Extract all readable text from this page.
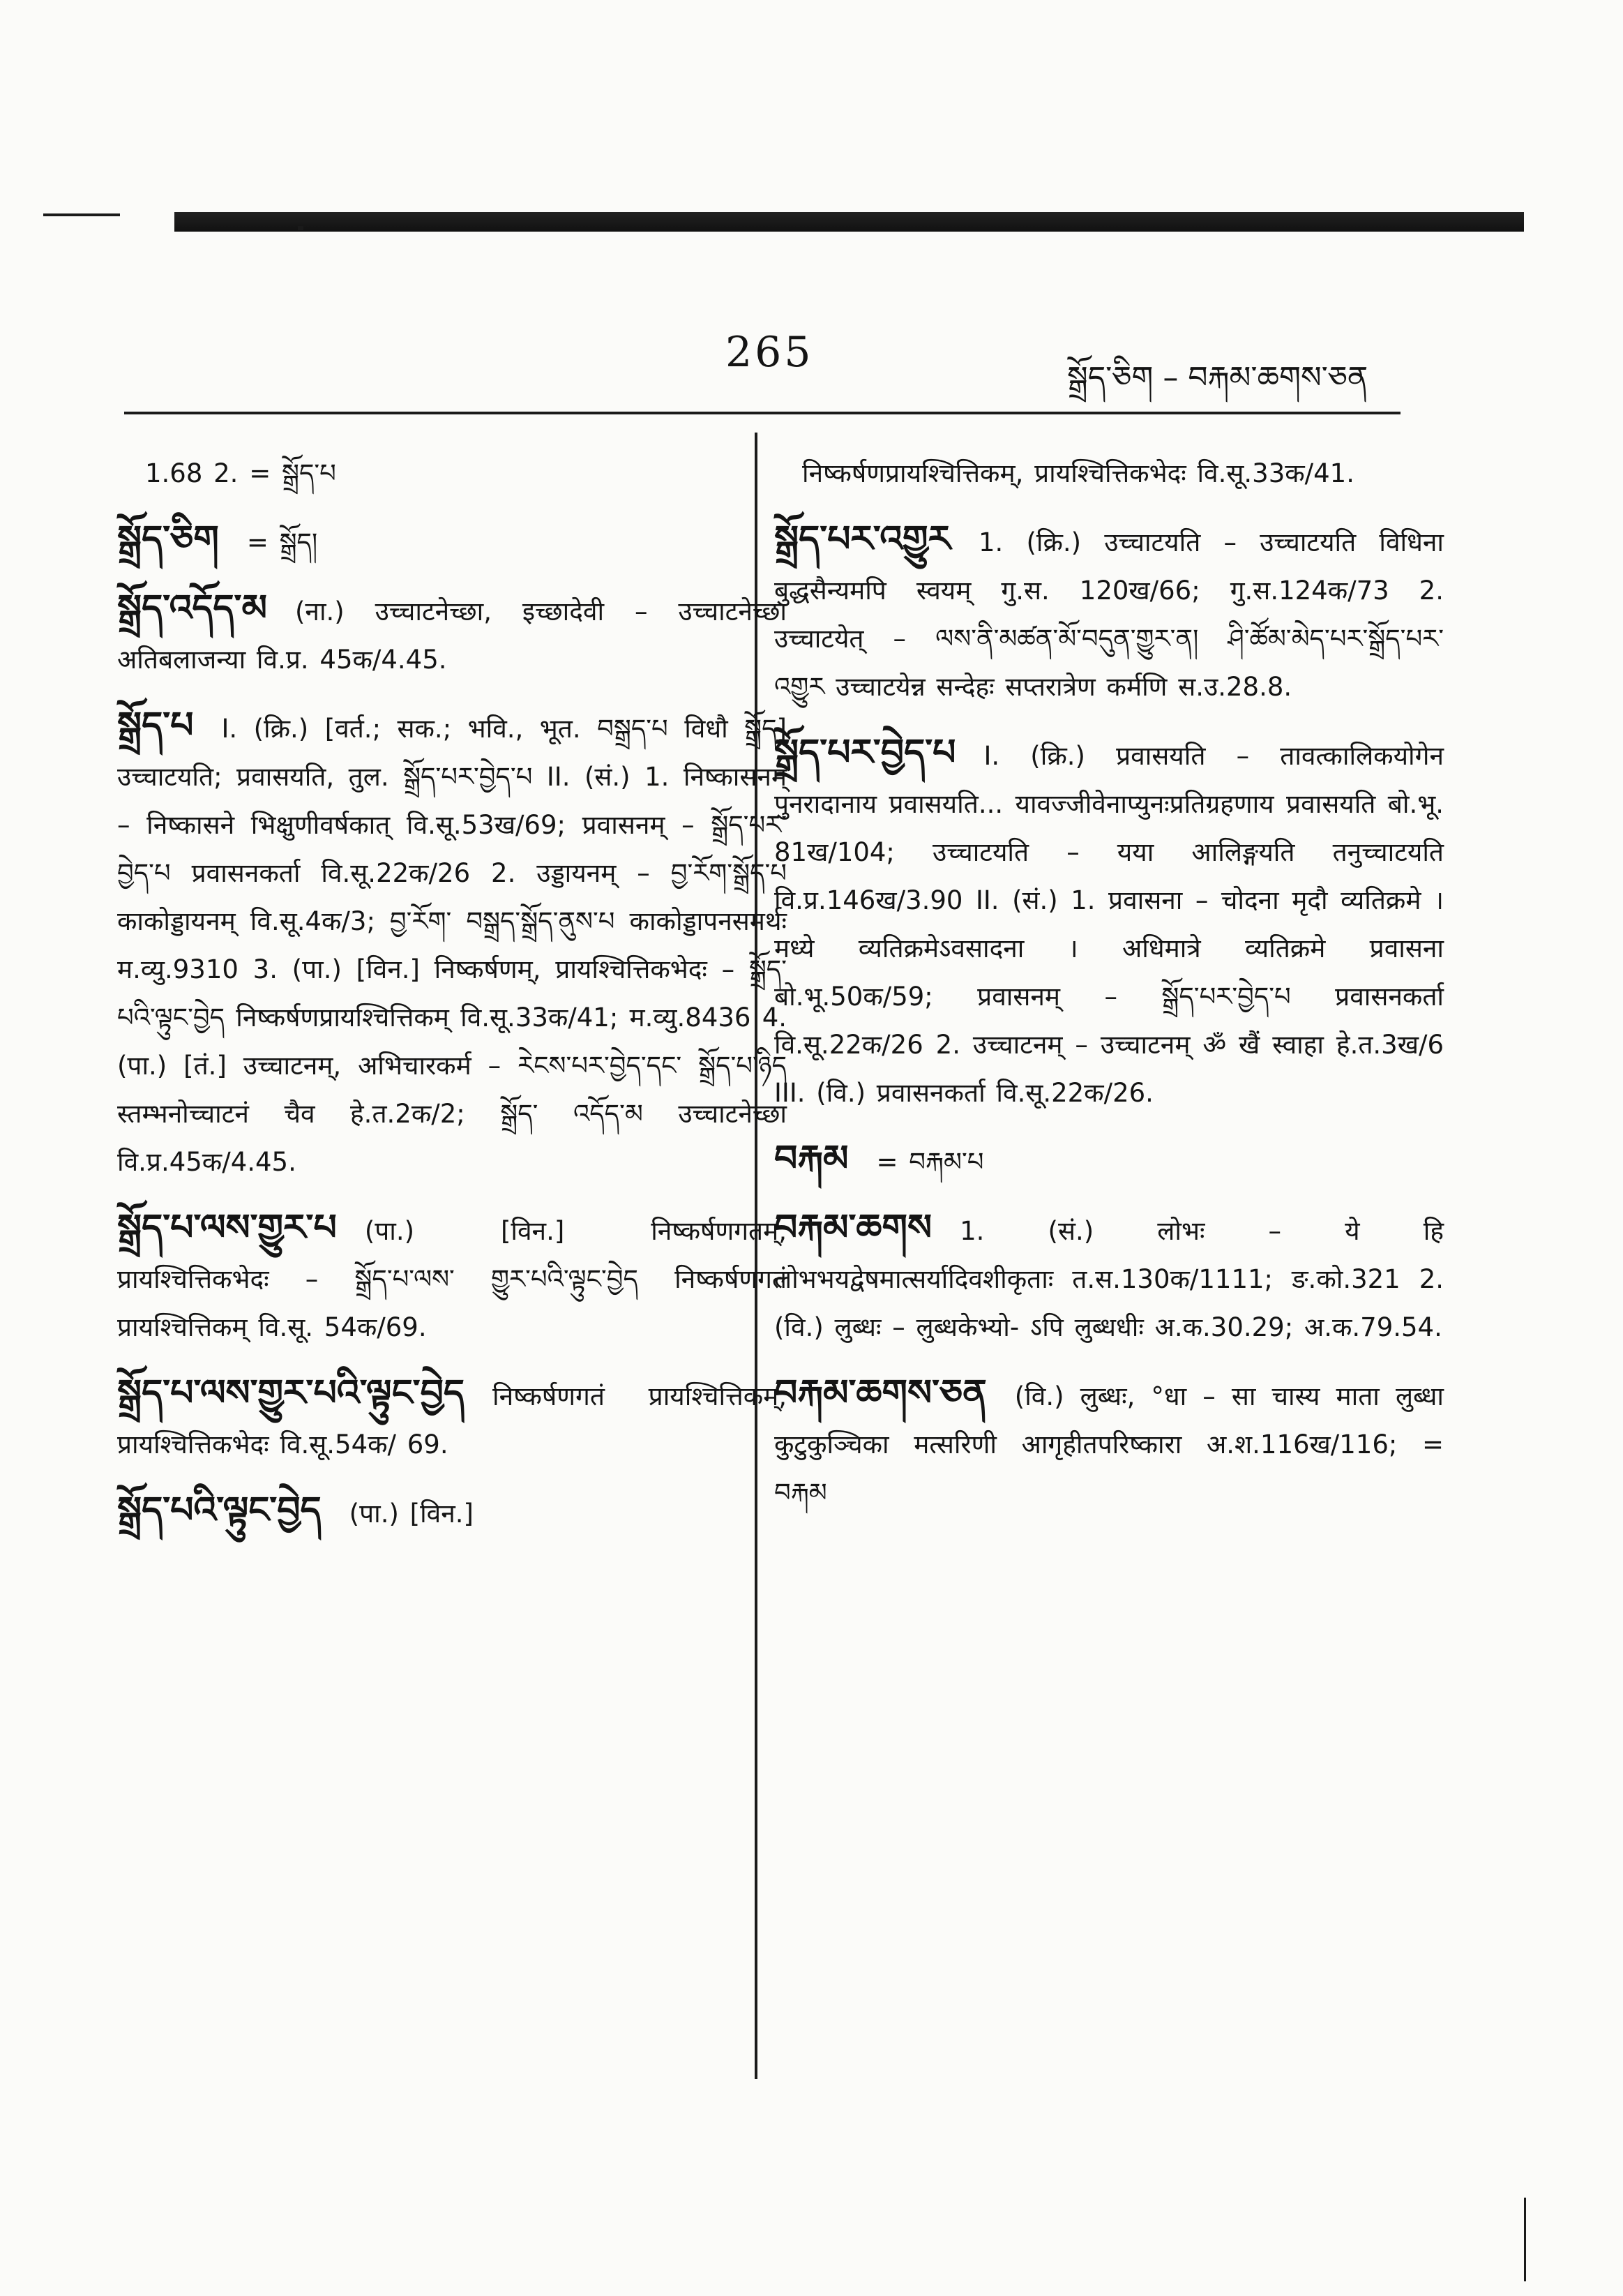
265
སྒྲོད་ཅིག – བརྐམ་ཆགས་ཅན
1.68 2. = སྒྲོད་པ
སྒྲོད་ཅིག = སྒྲོད།
སྒྲོད་འདོད་མ (ना.) उच्चाटनेच्छा, इच्छादेवी – उच्चाटनेच्छा अतिबलाजन्या वि.प्र. 45क/4.45.
སྒྲོད་པ I. (क्रि.) [वर्त.; सक.; भवि., भूत. བསྒྲད་པ विधौ སྒྲོད] उच्चाटयति; प्रवासयति, तुल. སྒྲོད་པར་བྱེད་པ II. (सं.) 1. निष्कासनम् – निष्कासने भिक्षुणीवर्षकात् वि.सू.53ख/69; प्रवासनम् – སྒྲོད་པར་བྱེད་པ प्रवासनकर्ता वि.सू.22क/26 2. उड्डायनम् – བྱ་རོག་སྒྲོད་པ काकोड्डायनम् वि.सू.4क/3; བྱ་རོག་ བསྒྲད་སྒྲོད་ནུས་པ काकोड्डापनसमर्थः म.व्यु.9310 3. (पा.) [विन.] निष्कर्षणम्, प्रायश्चित्तिकभेदः – སྒྲོད་པའི་ལྟུང་བྱེད निष्कर्षणप्रायश्चित्तिकम् वि.सू.33क/41; म.व्यु.8436 4. (पा.) [तं.] उच्चाटनम्, अभिचारकर्म – རེངས་པར་བྱེད་དང་ སྒྲོད་པ་ཉིད स्तम्भनोच्चाटनं चैव हे.त.2क/2; སྒྲོད་ འདོད་མ उच्चाटनेच्छा वि.प्र.45क/4.45.
སྒྲོད་པ་ལས་གྱུར་པ (पा.) [विन.] निष्कर्षणगतम्, प्रायश्चित्तिकभेदः – སྒྲོད་པ་ལས་ གྱུར་པའི་ལྟུང་བྱེད निष्कर्षणगतं प्रायश्चित्तिकम् वि.सू. 54क/69.
སྒྲོད་པ་ལས་གྱུར་པའི་ལྟུང་བྱེད निष्कर्षणगतं प्रायश्चित्तिकम्, प्रायश्चित्तिकभेदः वि.सू.54क/ 69.
སྒྲོད་པའི་ལྟུང་བྱེད (पा.) [विन.]
निष्कर्षणप्रायश्चित्तिकम्, प्रायश्चित्तिकभेदः वि.सू.33क/41.
སྒྲོད་པར་འགྱུར 1. (क्रि.) उच्चाटयति – उच्चाटयति विधिना बुद्धसैन्यमपि स्वयम् गु.स. 120ख/66; गु.स.124क/73 2. उच्चाटयेत् – ལས་ནི་མཚན་མོ་བདུན་གྱུར་ན། ཤི་ཚོམ་མེད་པར་སྒྲོད་པར་ འགྱུར उच्चाटयेन्न सन्देहः सप्तरात्रेण कर्मणि स.उ.28.8.
སྒྲོད་པར་བྱེད་པ I. (क्रि.) प्रवासयति – तावत्कालिकयोगेन पुनरादानाय प्रवासयति... यावज्जीवेनाप्युनःप्रतिग्रहणाय प्रवासयति बो.भू. 81ख/104; उच्चाटयति – यया आलिङ्गयति तनुच्चाटयति वि.प्र.146ख/3.90 II. (सं.) 1. प्रवासना – चोदना मृदौ व्यतिक्रमे । मध्ये व्यतिक्रमेऽवसादना । अधिमात्रे व्यतिक्रमे प्रवासना बो.भू.50क/59; प्रवासनम् – སྒྲོད་པར་བྱེད་པ प्रवासनकर्ता वि.सू.22क/26 2. उच्चाटनम् – उच्चाटनम् ॐ खैं स्वाहा हे.त.3ख/6 III. (वि.) प्रवासनकर्ता वि.सू.22क/26.
བརྐམ = བརྐམ་པ
བརྐམ་ཆགས 1. (सं.) लोभः – ये हि लोभभयद्वेषमात्सर्यादिवशीकृताः त.स.130क/1111; ङ.को.321 2. (वि.) लुब्धः – लुब्धकेभ्यो- ऽपि लुब्धधीः अ.क.30.29; अ.क.79.54.
བརྐམ་ཆགས་ཅན (वि.) लुब्धः, °धा – सा चास्य माता लुब्धा कुटुकुञ्चिका मत्सरिणी आगृहीतपरिष्कारा अ.श.116ख/116; = བརྐམ
